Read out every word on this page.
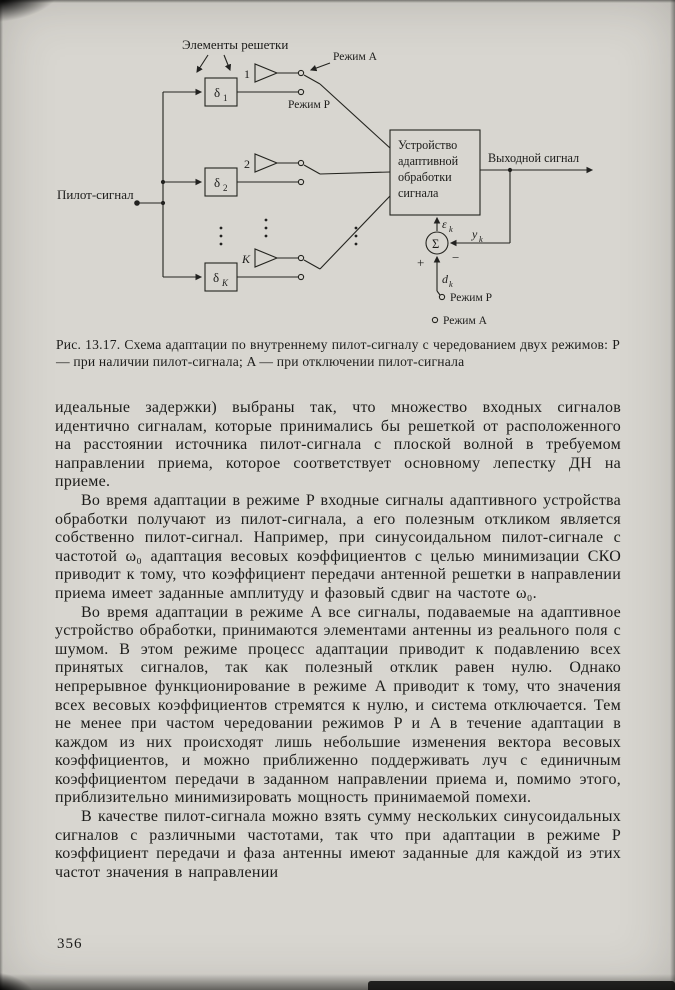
Элементы решетки
Пилот-сигнал
1
2
K
δ 1
δ 2
δ K
Режим A
Режим P
Устройство
адаптивной
обработки
сигнала
Выходной сигнал
Σ
ε k y k
d k
+ −
Режим P
Режим A
Рис. 13.17. Схема адаптации по внутреннему пилот-сигналу с чередованием двух режимов: P — при наличии пилот-сигнала; A — при отключении пилот-сигнала

идеальные задержки) выбраны так, что множество входных сигналов идентично сигналам, которые принимались бы решеткой от расположенного на расстоянии источника пилот-сигнала с плоской волной в требуемом направлении приема, которое соответствует основному лепестку ДН на приеме.

Во время адаптации в режиме P входные сигналы адаптивного устройства обработки получают из пилот-сигнала, а его полезным откликом является собственно пилот-сигнал. Например, при синусоидальном пилот-сигнале с частотой ω₀ адаптация весовых коэффициентов с целью минимизации СКО приводит к тому, что коэффициент передачи антенной решетки в направлении приема имеет заданные амплитуду и фазовый сдвиг на частоте ω₀.

Во время адаптации в режиме A все сигналы, подаваемые на адаптивное устройство обработки, принимаются элементами антенны из реального поля с шумом. В этом режиме процесс адаптации приводит к подавлению всех принятых сигналов, так как полезный отклик равен нулю. Однако непрерывное функционирование в режиме A приводит к тому, что значения всех весовых коэффициентов стремятся к нулю, и система отключается. Тем не менее при частом чередовании режимов P и A в течение адаптации в каждом из них происходят лишь небольшие изменения вектора весовых коэффициентов, и можно приближенно поддерживать луч с единичным коэффициентом передачи в заданном направлении приема и, помимо этого, приблизительно минимизировать мощность принимаемой помехи.

В качестве пилот-сигнала можно взять сумму нескольких синусоидальных сигналов с различными частотами, так что при адаптации в режиме P коэффициент передачи и фаза антенны имеют заданные для каждой из этих частот значения в направлении

356
